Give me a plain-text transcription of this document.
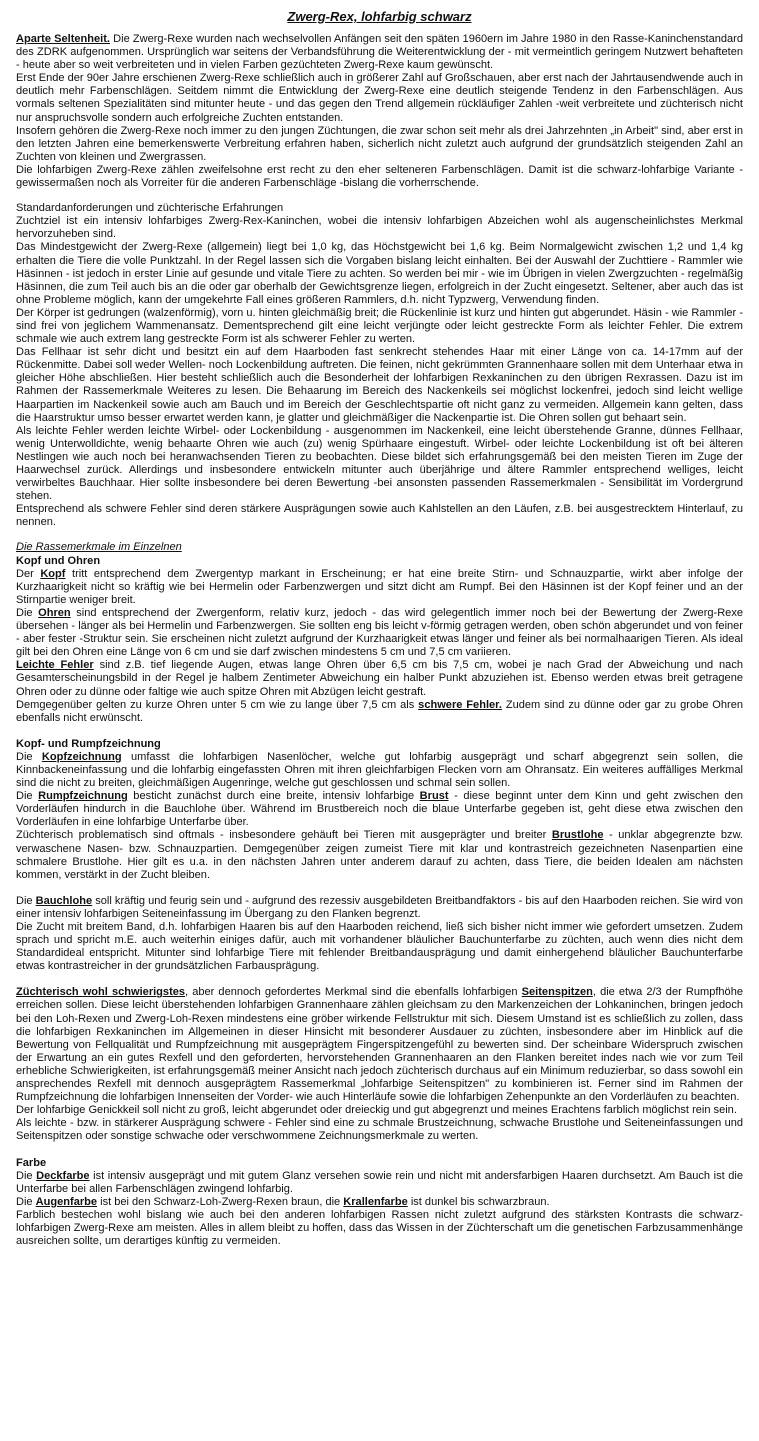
Zwerg-Rex, lohfarbig schwarz

Aparte Seltenheit. Die Zwerg-Rexe wurden nach wechselvollen Anfängen seit den späten 1960ern im Jahre 1980 in den Rasse-Kaninchenstandard des ZDRK aufgenommen. Ursprünglich war seitens der Verbandsführung die Weiterentwicklung der - mit vermeintlich geringem Nutzwert behafteten - heute aber so weit verbreiteten und in vielen Farben gezüchteten Zwerg-Rexe kaum gewünscht.

Erst Ende der 90er Jahre erschienen Zwerg-Rexe schließlich auch in größerer Zahl auf Großschauen, aber erst nach der Jahrtausendwende auch in deutlich mehr Farbenschlägen. Seitdem nimmt die Entwicklung der Zwerg-Rexe eine deutlich steigende Tendenz in den Farbenschlägen. Aus vormals seltenen Spezialitäten sind mitunter heute - und das gegen den Trend allgemein rückläufiger Zahlen -weit verbreitete und züchterisch nicht nur anspruchsvolle sondern auch erfolgreiche Zuchten entstanden.

Insofern gehören die Zwerg-Rexe noch immer zu den jungen Züchtungen, die zwar schon seit mehr als drei Jahrzehnten „in Arbeit" sind, aber erst in den letzten Jahren eine bemerkenswerte Verbreitung erfahren haben, sicherlich nicht zuletzt auch aufgrund der grundsätzlich steigenden Zahl an Zuchten von kleinen und Zwergrassen.

Die lohfarbigen Zwerg-Rexe zählen zweifelsohne erst recht zu den eher selteneren Farbenschlägen. Damit ist die schwarz-lohfarbige Variante -gewissermaßen noch als Vorreiter für die anderen Farbenschläge -bislang die vorherrschende.

Standardanforderungen und züchterische Erfahrungen

Zuchtziel ist ein intensiv lohfarbiges Zwerg-Rex-Kaninchen, wobei die intensiv lohfarbigen Abzeichen wohl als augenscheinlichstes Merkmal hervorzuheben sind.

Das Mindestgewicht der Zwerg-Rexe (allgemein) liegt bei 1,0 kg, das Höchstgewicht bei 1,6 kg. Beim Normalgewicht zwischen 1,2 und 1,4 kg erhalten die Tiere die volle Punktzahl. In der Regel lassen sich die Vorgaben bislang leicht einhalten. Bei der Auswahl der Zuchttiere - Rammler wie Häsinnen - ist jedoch in erster Linie auf gesunde und vitale Tiere zu achten. So werden bei mir - wie im Übrigen in vielen Zwergzuchten - regelmäßig Häsinnen, die zum Teil auch bis an die oder gar oberhalb der Gewichtsgrenze liegen, erfolgreich in der Zucht eingesetzt. Seltener, aber auch das ist ohne Probleme möglich, kann der umgekehrte Fall eines größeren Rammlers, d.h. nicht Typzwerg, Verwendung finden.

Der Körper ist gedrungen (walzenförmig), vorn u. hinten gleichmäßig breit; die Rückenlinie ist kurz und hinten gut abgerundet. Häsin - wie Rammler - sind frei von jeglichem Wammenansatz. Dementsprechend gilt eine leicht verjüngte oder leicht gestreckte Form als leichter Fehler. Die extrem schmale wie auch extrem lang gestreckte Form ist als schwerer Fehler zu werten.

Das Fellhaar ist sehr dicht und besitzt ein auf dem Haarboden fast senkrecht stehendes Haar mit einer Länge von ca. 14-17mm auf der Rückenmitte. Dabei soll weder Wellen- noch Lockenbildung auftreten. Die feinen, nicht gekrümmten Grannenhaare sollen mit dem Unterhaar etwa in gleicher Höhe abschließen. Hier besteht schließlich auch die Besonderheit der lohfarbigen Rexkaninchen zu den übrigen Rexrassen. Dazu ist im Rahmen der Rassemerkmale Weiteres zu lesen. Die Behaarung im Bereich des Nackenkeils sei möglichst lockenfrei, jedoch sind leicht wellige Haarpartien im Nackenkeil sowie auch am Bauch und im Bereich der Geschlechtspartie oft nicht ganz zu vermeiden. Allgemein kann gelten, dass die Haarstruktur umso besser erwartet werden kann, je glatter und gleichmäßiger die Nackenpartie ist. Die Ohren sollen gut behaart sein.

Als leichte Fehler werden leichte Wirbel- oder Lockenbildung - ausgenommen im Nackenkeil, eine leicht überstehende Granne, dünnes Fellhaar, wenig Unterwolldichte, wenig behaarte Ohren wie auch (zu) wenig Spürhaare eingestuft. Wirbel- oder leichte Lockenbildung ist oft bei älteren Nestlingen wie auch noch bei heranwachsenden Tieren zu beobachten. Diese bildet sich erfahrungsgemäß bei den meisten Tieren im Zuge der Haarwechsel zurück. Allerdings und insbesondere entwickeln mitunter auch überjährige und ältere Rammler entsprechend welliges, leicht verwirbeltes Bauchhaar. Hier sollte insbesondere bei deren Bewertung -bei ansonsten passenden Rassemerkmalen - Sensibilität im Vordergrund stehen.

Entsprechend als schwere Fehler sind deren stärkere Ausprägungen sowie auch Kahlstellen an den Läufen, z.B. bei ausgestrecktem Hinterlauf, zu nennen.

Die Rassemerkmale im Einzelnen

Kopf und Ohren

Der Kopf tritt entsprechend dem Zwergentyp markant in Erscheinung; er hat eine breite Stirn- und Schnauzpartie, wirkt aber infolge der Kurzhaarigkeit nicht so kräftig wie bei Hermelin oder Farbenzwergen und sitzt dicht am Rumpf. Bei den Häsinnen ist der Kopf feiner und an der Stirnpartie weniger breit.

Die Ohren sind entsprechend der Zwergenform, relativ kurz, jedoch - das wird gelegentlich immer noch bei der Bewertung der Zwerg-Rexe übersehen - länger als bei Hermelin und Farbenzwergen. Sie sollten eng bis leicht v-förmig getragen werden, oben schön abgerundet und von feiner - aber fester -Struktur sein. Sie erscheinen nicht zuletzt aufgrund der Kurzhaarigkeit etwas länger und feiner als bei normalhaarigen Tieren. Als ideal gilt bei den Ohren eine Länge von 6 cm und sie darf zwischen mindestens 5 cm und 7,5 cm variieren.

Leichte Fehler sind z.B. tief liegende Augen, etwas lange Ohren über 6,5 cm bis 7,5 cm, wobei je nach Grad der Abweichung und nach Gesamterscheinungsbild in der Regel je halbem Zentimeter Abweichung ein halber Punkt abzuziehen ist. Ebenso werden etwas breit getragene Ohren oder zu dünne oder faltige wie auch spitze Ohren mit Abzügen leicht gestraft.

Demgegenüber gelten zu kurze Ohren unter 5 cm wie zu lange über 7,5 cm als schwere Fehler. Zudem sind zu dünne oder gar zu grobe Ohren ebenfalls nicht erwünscht.

Kopf- und Rumpfzeichnung

Die Kopfzeichnung umfasst die lohfarbigen Nasenlöcher, welche gut lohfarbig ausgeprägt und scharf abgegrenzt sein sollen, die Kinnbackeneinfassung und die lohfarbig eingefassten Ohren mit ihren gleichfarbigen Flecken vorn am Ohransatz. Ein weiteres auffälliges Merkmal sind die nicht zu breiten, gleichmäßigen Augenringe, welche gut geschlossen und schmal sein sollen.

Die Rumpfzeichnung besticht zunächst durch eine breite, intensiv lohfarbige Brust - diese beginnt unter dem Kinn und geht zwischen den Vorderläufen hindurch in die Bauchlohe über. Während im Brustbereich noch die blaue Unterfarbe gegeben ist, geht diese etwa zwischen den Vorderläufen in eine lohfarbige Unterfarbe über.

Züchterisch problematisch sind oftmals - insbesondere gehäuft bei Tieren mit ausgeprägter und breiter Brustlohe - unklar abgegrenzte bzw. verwaschene Nasen- bzw. Schnauzpartien. Demgegenüber zeigen zumeist Tiere mit klar und kontrastreich gezeichneten Nasenpartien eine schmalere Brustlohe. Hier gilt es u.a. in den nächsten Jahren unter anderem darauf zu achten, dass Tiere, die beiden Idealen am nächsten kommen, verstärkt in der Zucht bleiben.

Die Bauchlohe soll kräftig und feurig sein und - aufgrund des rezessiv ausgebildeten Breitbandfaktors - bis auf den Haarboden reichen. Sie wird von einer intensiv lohfarbigen Seiteneinfassung im Übergang zu den Flanken begrenzt.

Die Zucht mit breitem Band, d.h. lohfarbigen Haaren bis auf den Haarboden reichend, ließ sich bisher nicht immer wie gefordert umsetzen. Zudem sprach und spricht m.E. auch weiterhin einiges dafür, auch mit vorhandener bläulicher Bauchunterfarbe zu züchten, auch wenn dies nicht dem Standardideal entspricht. Mitunter sind lohfarbige Tiere mit fehlender Breitbandausprägung und damit einhergehend bläulicher Bauchunterfarbe etwas kontrastreicher in der grundsätzlichen Farbausprägung.

Züchterisch wohl schwierigstes, aber dennoch gefordertes Merkmal sind die ebenfalls lohfarbigen Seitenspitzen, die etwa 2/3 der Rumpfhöhe erreichen sollen. Diese leicht überstehenden lohfarbigen Grannenhaare zählen gleichsam zu den Markenzeichen der Lohkaninchen, bringen jedoch bei den Loh-Rexen und Zwerg-Loh-Rexen mindestens eine gröber wirkende Fellstruktur mit sich. Diesem Umstand ist es schließlich zu zollen, dass die lohfarbigen Rexkaninchen im Allgemeinen in dieser Hinsicht mit besonderer Ausdauer zu züchten, insbesondere aber im Hinblick auf die Bewertung von Fellqualität und Rumpfzeichnung mit ausgeprägtem Fingerspitzengefühl zu bewerten sind. Der scheinbare Widerspruch zwischen der Erwartung an ein gutes Rexfell und den geforderten, hervorstehenden Grannenhaaren an den Flanken bereitet indes nach wie vor zum Teil erhebliche Schwierigkeiten, ist erfahrungsgemäß meiner Ansicht nach jedoch züchterisch durchaus auf ein Minimum reduzierbar, so dass sowohl ein ansprechendes Rexfell mit dennoch ausgeprägtem Rassemerkmal „lohfarbige Seitenspitzen" zu kombinieren ist. Ferner sind im Rahmen der Rumpfzeichnung die lohfarbigen Innenseiten der Vorder- wie auch Hinterläufe sowie die lohfarbigen Zehenpunkte an den Vorderläufen zu beachten.

Der lohfarbige Genickkeil soll nicht zu groß, leicht abgerundet oder dreieckig und gut abgegrenzt und meines Erachtens farblich möglichst rein sein.

Als leichte - bzw. in stärkerer Ausprägung schwere - Fehler sind eine zu schmale Brustzeichnung, schwache Brustlohe und Seiteneinfassungen und Seitenspitzen oder sonstige schwache oder verschwommene Zeichnungsmerkmale zu werten.

Farbe

Die Deckfarbe ist intensiv ausgeprägt und mit gutem Glanz versehen sowie rein und nicht mit andersfarbigen Haaren durchsetzt. Am Bauch ist die Unterfarbe bei allen Farbenschlägen zwingend lohfarbig.

Die Augenfarbe ist bei den Schwarz-Loh-Zwerg-Rexen braun, die Krallenfarbe ist dunkel bis schwarzbraun.

Farblich bestechen wohl bislang wie auch bei den anderen lohfarbigen Rassen nicht zuletzt aufgrund des stärksten Kontrasts die schwarz-lohfarbigen Zwerg-Rexe am meisten. Alles in allem bleibt zu hoffen, dass das Wissen in der Züchterschaft um die genetischen Farbzusammenhänge ausreichen sollte, um derartiges künftig zu vermeiden.
